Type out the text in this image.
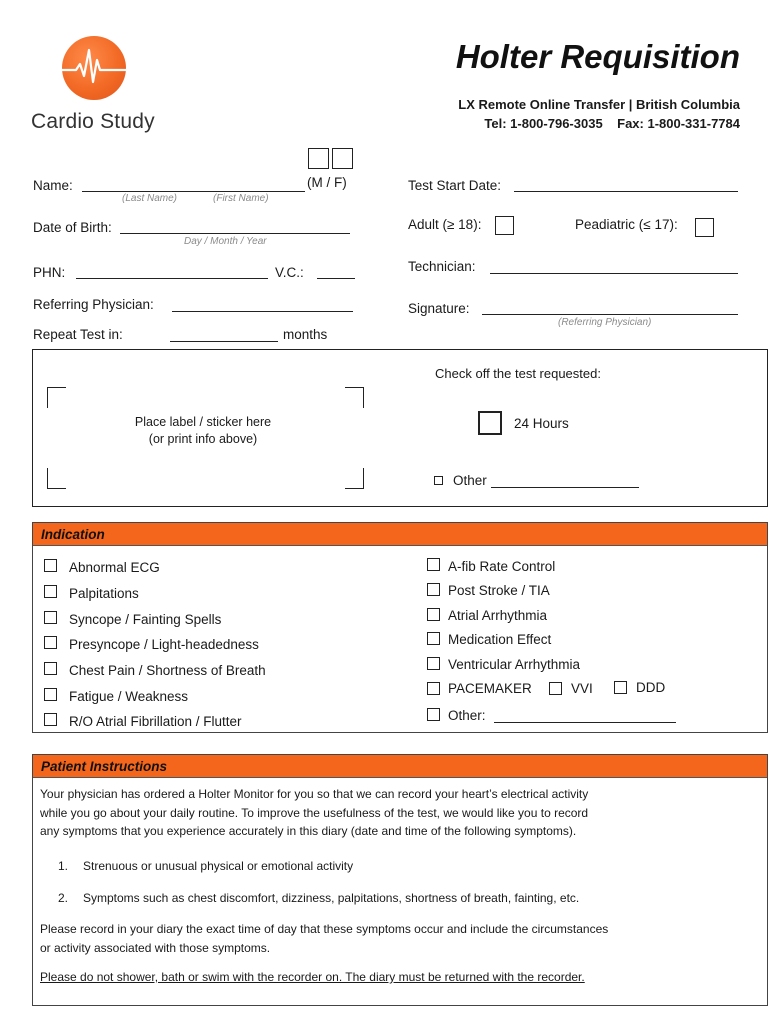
Cardio Study
Holter Requisition
LX Remote Online Transfer | British Columbia
Tel: 1-800-796-3035    Fax: 1-800-331-7784
(M / F)
Name:
(Last Name)	(First Name)
Date of Birth:
Day / Month / Year
PHN:	V.C.:
Referring Physician:
Repeat Test in:	months
Test Start Date:
Adult (≥ 18):	Peadiatric (≤ 17):
Technician:
Signature:
(Referring Physician)
Place label / sticker here
(or print info above)
Check off the test requested:
24 Hours
Other
Indication
Abnormal ECG
Palpitations
Syncope / Fainting Spells
Presyncope / Light-headedness
Chest Pain / Shortness of Breath
Fatigue / Weakness
R/O Atrial Fibrillation / Flutter
A-fib Rate Control
Post Stroke / TIA
Atrial Arrhythmia
Medication Effect
Ventricular Arrhythmia
PACEMAKER	VVI	DDD
Other:
Patient Instructions
Your physician has ordered a Holter Monitor for you so that we can record your heart’s electrical activity
while you go about your daily routine. To improve the usefulness of the test, we would like you to record
any symptoms that you experience accurately in this diary (date and time of the following symptoms).
1. Strenuous or unusual physical or emotional activity
2. Symptoms such as chest discomfort, dizziness, palpitations, shortness of breath, fainting, etc.
Please record in your diary the exact time of day that these symptoms occur and include the circumstances
or activity associated with those symptoms.
Please do not shower, bath or swim with the recorder on. The diary must be returned with the recorder.
